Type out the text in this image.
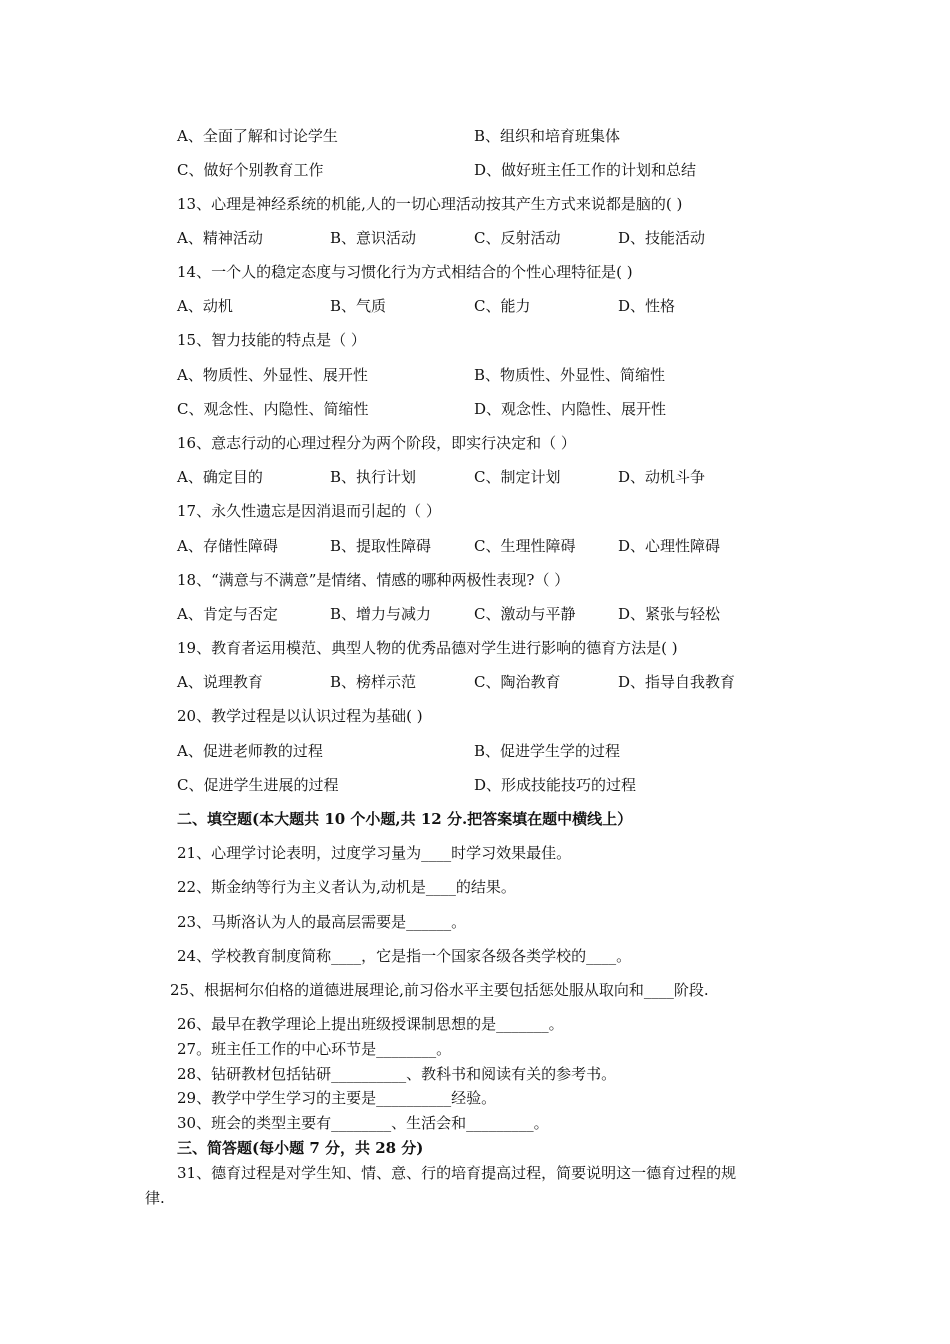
A、全面了解和讨论学生	B、组织和培育班集体
C、做好个别教育工作	D、做好班主任工作的计划和总结
13、心理是神经系统的机能,人的一切心理活动按其产生方式来说都是脑的( )
A、精神活动	B、意识活动	C、反射活动	D、技能活动
14、一个人的稳定态度与习惯化行为方式相结合的个性心理特征是( )
A、动机	B、气质	C、能力	D、性格
15、智力技能的特点是（ ）
A、物质性、外显性、展开性	B、物质性、外显性、简缩性
C、观念性、内隐性、简缩性	D、观念性、内隐性、展开性
16、意志行动的心理过程分为两个阶段，即实行决定和（ ）
A、确定目的	B、执行计划	C、制定计划	D、动机斗争
17、永久性遗忘是因消退而引起的（ ）
A、存储性障碍	B、提取性障碍	C、生理性障碍	D、心理性障碍
18、“满意与不满意”是情绪、情感的哪种两极性表现?（ ）
A、肯定与否定	B、增力与减力	C、激动与平静	D、紧张与轻松
19、教育者运用模范、典型人物的优秀品德对学生进行影响的德育方法是( )
A、说理教育	B、榜样示范	C、陶治教育	D、指导自我教育
20、教学过程是以认识过程为基础( )
A、促进老师教的过程	B、促进学生学的过程
C、促进学生进展的过程	D、形成技能技巧的过程
二、填空题(本大题共 10 个小题,共 12 分.把答案填在题中横线上）
21、心理学讨论表明，过度学习量为____时学习效果最佳。
22、斯金纳等行为主义者认为,动机是____的结果。
23、马斯洛认为人的最高层需要是______。
24、学校教育制度简称____，它是指一个国家各级各类学校的____。
25、根据柯尔伯格的道德进展理论,前习俗水平主要包括惩处服从取向和____阶段.
26、最早在教学理论上提出班级授课制思想的是_______。
27。班主任工作的中心环节是________。
28、钻研教材包括钻研__________、教科书和阅读有关的参考书。
29、教学中学生学习的主要是__________经验。
30、班会的类型主要有________、生活会和_________。
三、简答题(每小题 7 分，共 28 分)
31、德育过程是对学生知、情、意、行的培育提高过程，简要说明这一德育过程的规
律.
